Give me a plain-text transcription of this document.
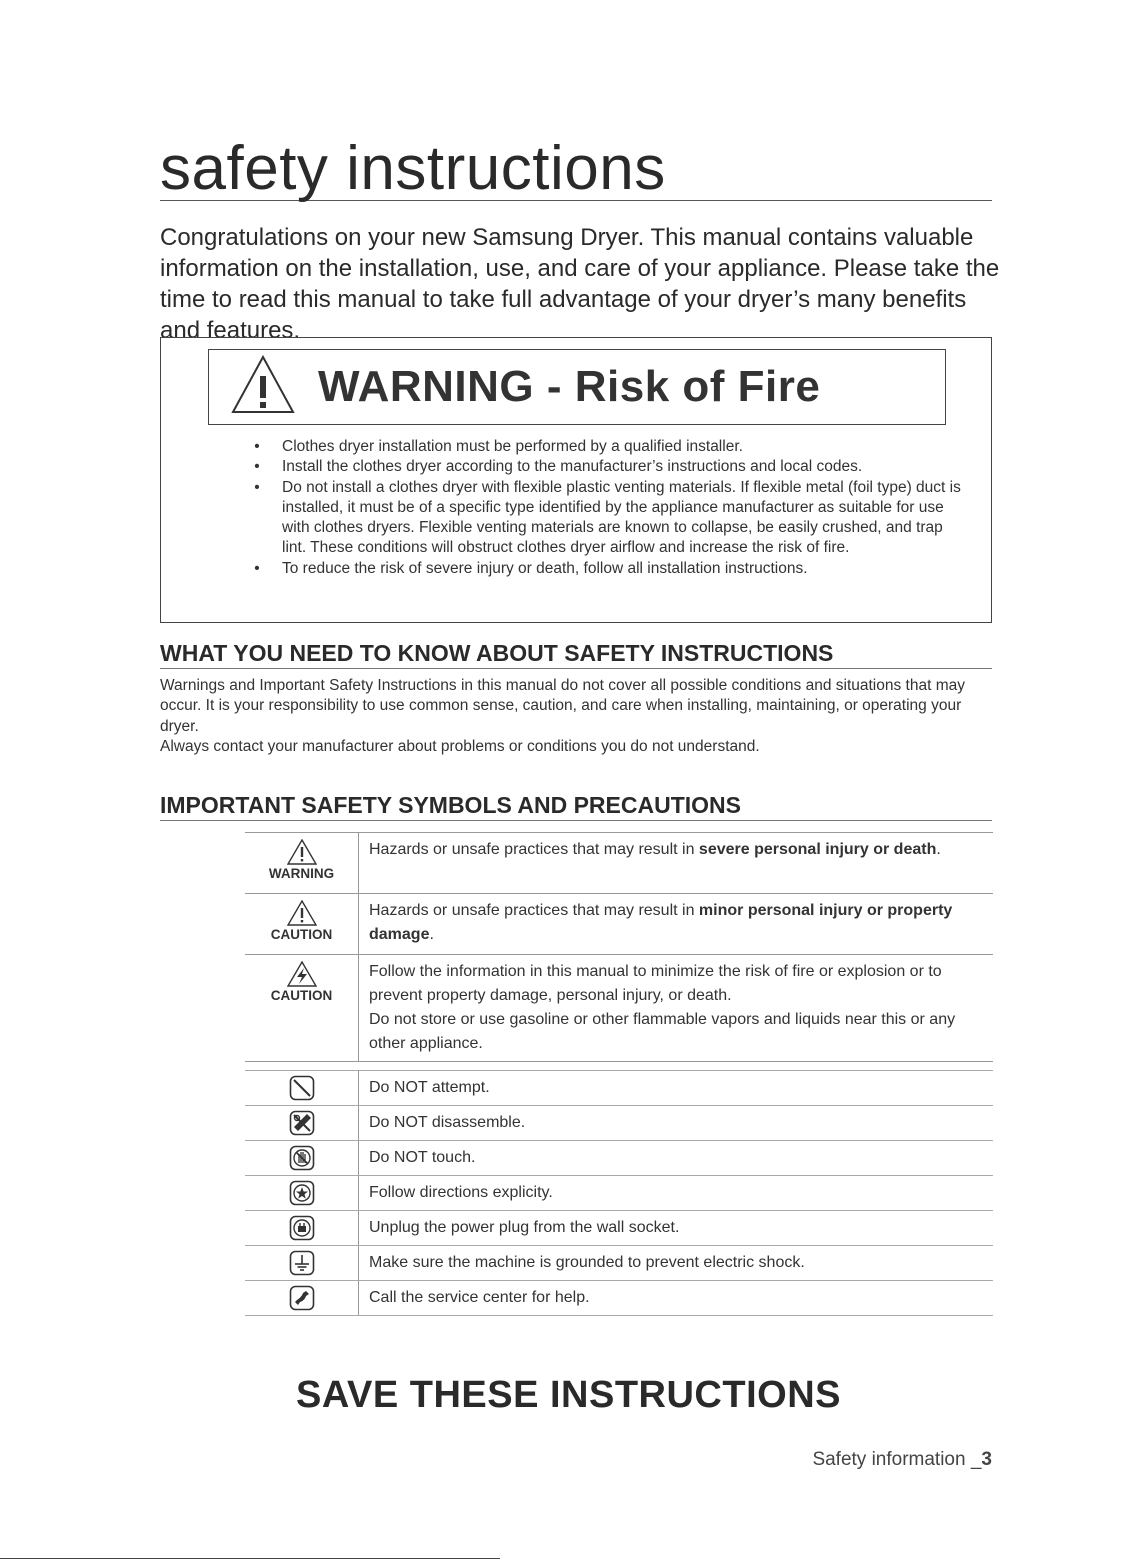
safety instructions
Congratulations on your new Samsung Dryer. This manual contains valuable information on the installation, use, and care of your appliance. Please take the time to read this manual to take full advantage of your dryer’s many benefits and features.
WARNING - Risk of Fire
• Clothes dryer installation must be performed by a qualified installer.
• Install the clothes dryer according to the manufacturer’s instructions and local codes.
• Do not install a clothes dryer with flexible plastic venting materials. If flexible metal (foil type) duct is installed, it must be of a specific type identified by the appliance manufacturer as suitable for use with clothes dryers. Flexible venting materials are known to collapse, be easily crushed, and trap lint. These conditions will obstruct clothes dryer airflow and increase the risk of fire.
• To reduce the risk of severe injury or death, follow all installation instructions.
WHAT YOU NEED TO KNOW ABOUT SAFETY INSTRUCTIONS
Warnings and Important Safety Instructions in this manual do not cover all possible conditions and situations that may occur. It is your responsibility to use common sense, caution, and care when installing, maintaining, or operating your dryer.
Always contact your manufacturer about problems or conditions you do not understand.
IMPORTANT SAFETY SYMBOLS AND PRECAUTIONS
WARNING	Hazards or unsafe practices that may result in severe personal injury or death.

CAUTION	Hazards or unsafe practices that may result in minor personal injury or property damage.

CAUTION	Follow the information in this manual to minimize the risk of fire or explosion or to prevent property damage, personal injury, or death.
Do not store or use gasoline or other flammable vapors and liquids near this or any other appliance.
	Do NOT attempt.

	Do NOT disassemble.

	Do NOT touch.

	Follow directions explicity.

	Unplug the power plug from the wall socket.

	Make sure the machine is grounded to prevent electric shock.

	Call the service center for help.
SAVE THESE INSTRUCTIONS
Safety information _3
